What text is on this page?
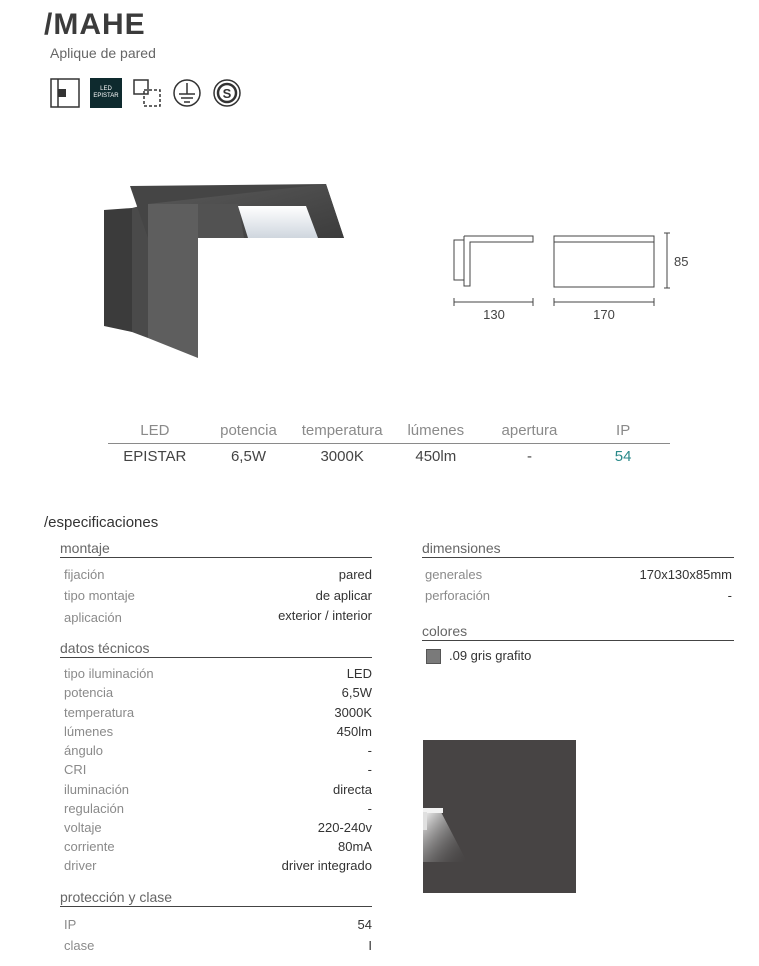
/MAHE
Aplique de pared
LED
EPISTAR	S
85
130	170
LED	potencia	temperatura	lúmenes	apertura	IP
EPISTAR	6,5W	3000K	450lm	-	54
/especificaciones
montaje
fijación	pared
tipo montaje	de aplicar
aplicación	exterior / interior
datos técnicos
tipo iluminación	LED
potencia	6,5W
temperatura	3000K
lúmenes	450lm
ángulo	-
CRI	-
iluminación	directa
regulación	-
voltaje	220-240v
corriente	80mA
driver	driver integrado
protección y clase
IP	54
clase	I
dimensiones
generales	170x130x85mm
perforación	-
colores
.09 gris grafito
